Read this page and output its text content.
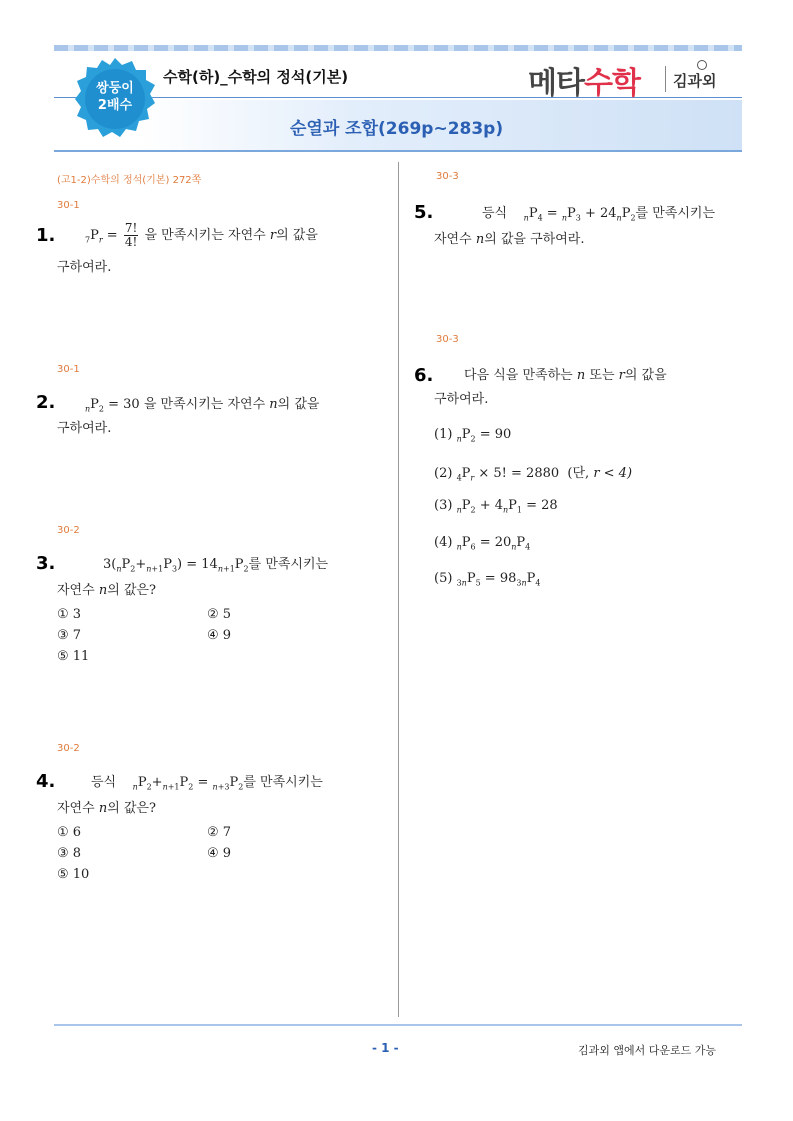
쌍둥이
2배수
수학(하)_수학의 정석(기본)	메타수학 김과외
순열과 조합(269p~283p)
(고1-2)수학의 정석(기본) 272쪽
30-1
1.	$_7P_r = \frac{7!}{4!}$ 을 만족시키는 자연수 r의 값을
구하여라.
30-1
2.	$_nP_2 = 30$ 을 만족시키는 자연수 n의 값을
구하여라.
30-2
3.	$3(_nP_2+_{n+1}P_3) = 14_{n+1}P_2$를 만족시키는
자연수 n의 값은?
① 3	② 5
③ 7	④ 9
⑤ 11
30-2
4.	등식 $_nP_2+_{n+1}P_2 = _{n+3}P_2$를 만족시키는
자연수 n의 값은?
① 6	② 7
③ 8	④ 9
⑤ 10
30-3
5.	등식 $_nP_4 = _nP_3 + 24_nP_2$를 만족시키는
자연수 n의 값을 구하여라.
30-3
6. 다음 식을 만족하는 n 또는 r의 값을
구하여라.
(1) $_nP_2 = 90$
(2) $_4P_r \times 5$! = 2880 (단, r < 4)
(3) $_nP_2 + 4_nP_1 = 28$
(4) $_nP_6 = 20_nP_4$
(5) $_{3n}P_5 = 98_{3n}P_4$
- 1 -	김과외 앱에서 다운로드 가능
